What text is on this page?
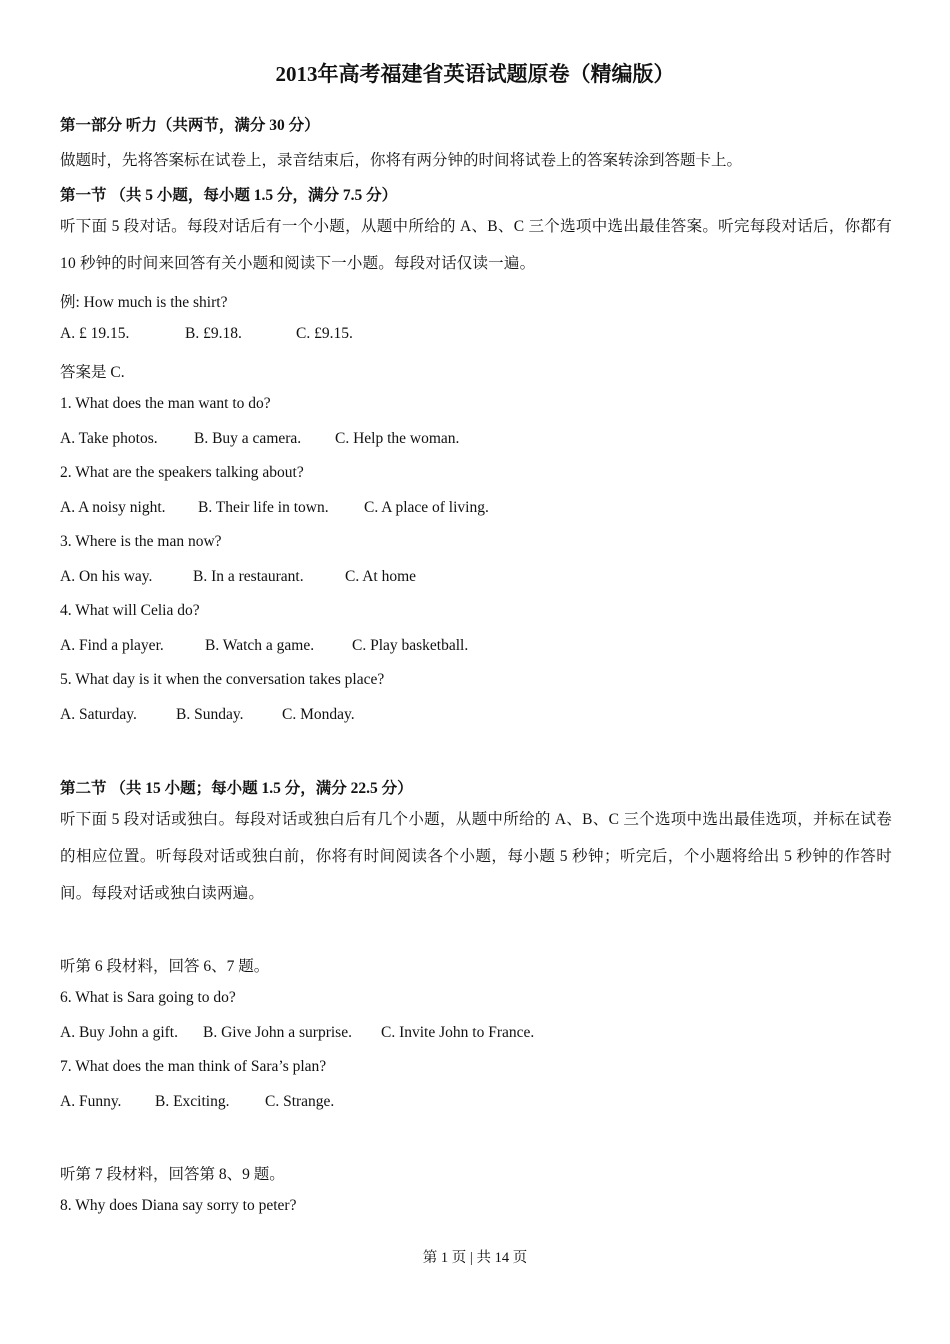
2013年高考福建省英语试题原卷（精编版）
第一部分 听力（共两节，满分 30 分）
做题时，先将答案标在试卷上，录音结束后，你将有两分钟的时间将试卷上的答案转涂到答题卡上。
第一节 （共 5 小题，每小题 1.5 分，满分 7.5 分）
听下面 5 段对话。每段对话后有一个小题，从题中所给的 A、B、C 三个选项中选出最佳答案。听完每段对话后，你都有 10 秒钟的时间来回答有关小题和阅读下一小题。每段对话仅读一遍。
例: How much is the shirt?
A. £ 19.15.	B. £9.18.	C. £9.15.
答案是 C.
1. What does the man want to do?
A. Take photos. B. Buy a camera. C. Help the woman.
2. What are the speakers talking about?
A. A noisy night. B. Their life in town. C. A place of living.
3. Where is the man now?
A. On his way.	B. In a restaurant.	C. At home
4. What will Celia do?
A. Find a player.	B. Watch a game. C. Play basketball.
5. What day is it when the conversation takes place?
A. Saturday.	B. Sunday. C. Monday.
第二节 （共 15 小题；每小题 1.5 分，满分 22.5 分）
听下面 5 段对话或独白。每段对话或独白后有几个小题，从题中所给的 A、B、C 三个选项中选出最佳选项，并标在试卷的相应位置。听每段对话或独白前，你将有时间阅读各个小题，每小题 5 秒钟；听完后，个小题将给出 5 秒钟的作答时间。每段对话或独白读两遍。
听第 6 段材料，回答 6、7 题。
6. What is Sara going to do?
A. Buy John a gift. B. Give John a surprise. C. Invite John to France.
7. What does the man think of Sara’s plan?
A. Funny. B. Exciting. C. Strange.
听第 7 段材料，回答第 8、9 题。
8. Why does Diana say sorry to peter?
第 1 页 | 共 14 页
